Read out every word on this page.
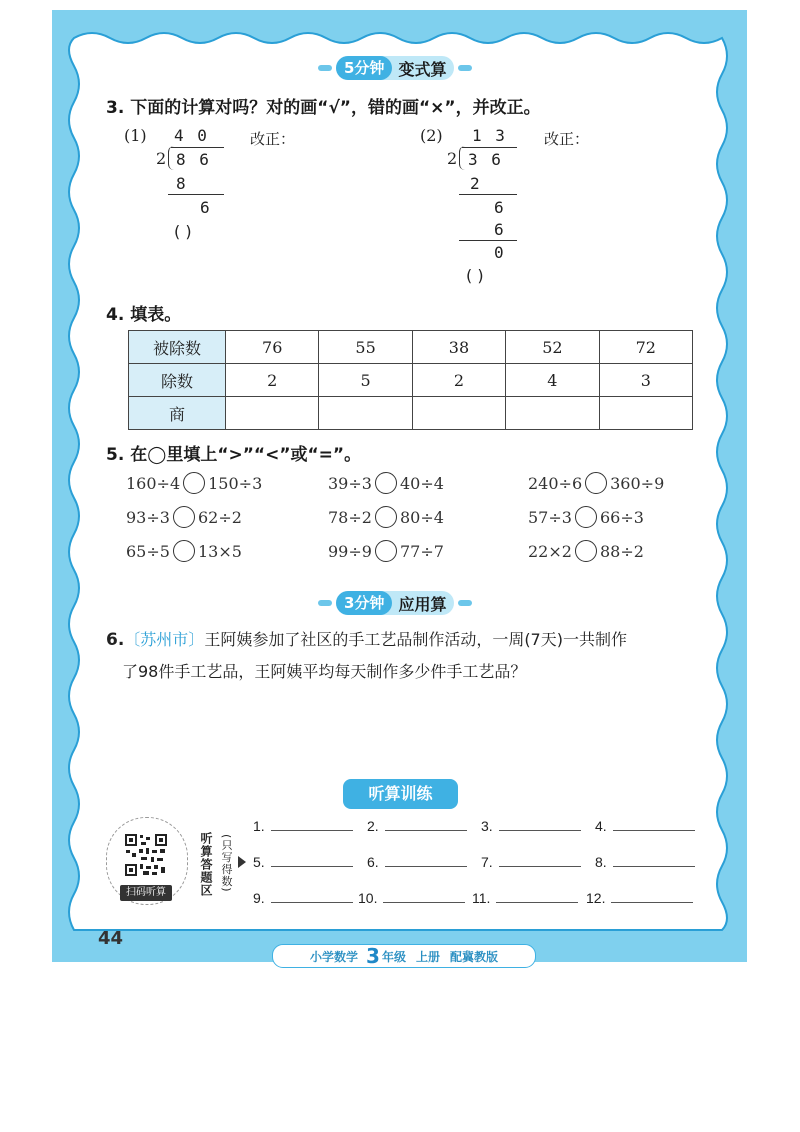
5分钟 变式算
3. 下面的计算对吗？对的画“√”，错的画“×”，并改正。
(1) 4 0	改正：
2 8 6
8
6
( )
(2) 1 3 改正：
2 3 6
2
6
6
0
( )
4. 填表。
被除数	76	55	38	52	72
除数	2	5	2	4	3
商					
5. 在◯里填上“>”“<”或“=”。
160÷4 150÷3	39÷3 40÷4	240÷6 360÷9
93÷3 62÷2	78÷2 80÷4	57÷3 66÷3
65÷5 13×5	99÷9 77÷7	22×2 88÷2
3分钟 应用算
6.〔苏州市〕王阿姨参加了社区的手工艺品制作活动，一周(7天)一共制作
了98件手工艺品，王阿姨平均每天制作多少件手工艺品？
听算训练
扫码听算	听算答题区 (只写得数)
1.	2.	3.	4.
5.	6.	7.	8.
9.	10.	11.	12.
44
小学数学 3 年级 上册 配冀教版
